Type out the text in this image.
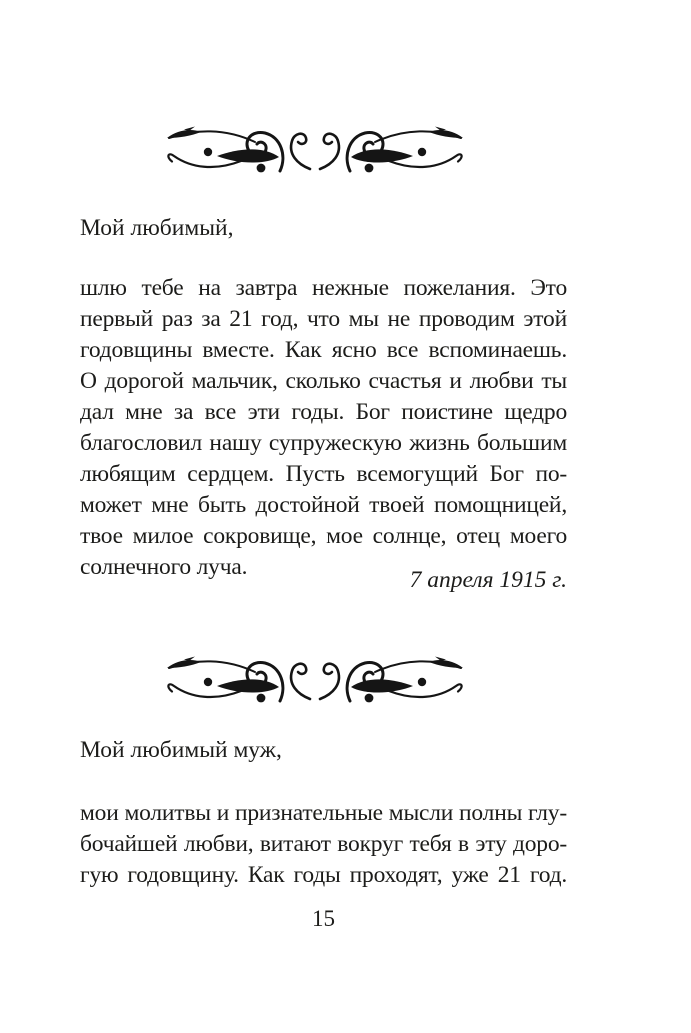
Мой любимый,
шлю тебе на завтра нежные пожелания. Это
первый раз за 21 год, что мы не проводим этой
годовщины вместе. Как ясно все вспоминаешь.
О дорогой мальчик, сколько счастья и любви ты
дал мне за все эти годы. Бог поистине щедро
благословил нашу супружескую жизнь большим
любящим сердцем. Пусть всемогущий Бог по-
может мне быть достойной твоей помощницей,
твое милое сокровище, мое солнце, отец моего
солнечного луча.	7 апреля 1915 г.
Мой любимый муж,
мои молитвы и признательные мысли полны глу-
бочайшей любви, витают вокруг тебя в эту доро-
гую годовщину. Как годы проходят, уже 21 год.
15
